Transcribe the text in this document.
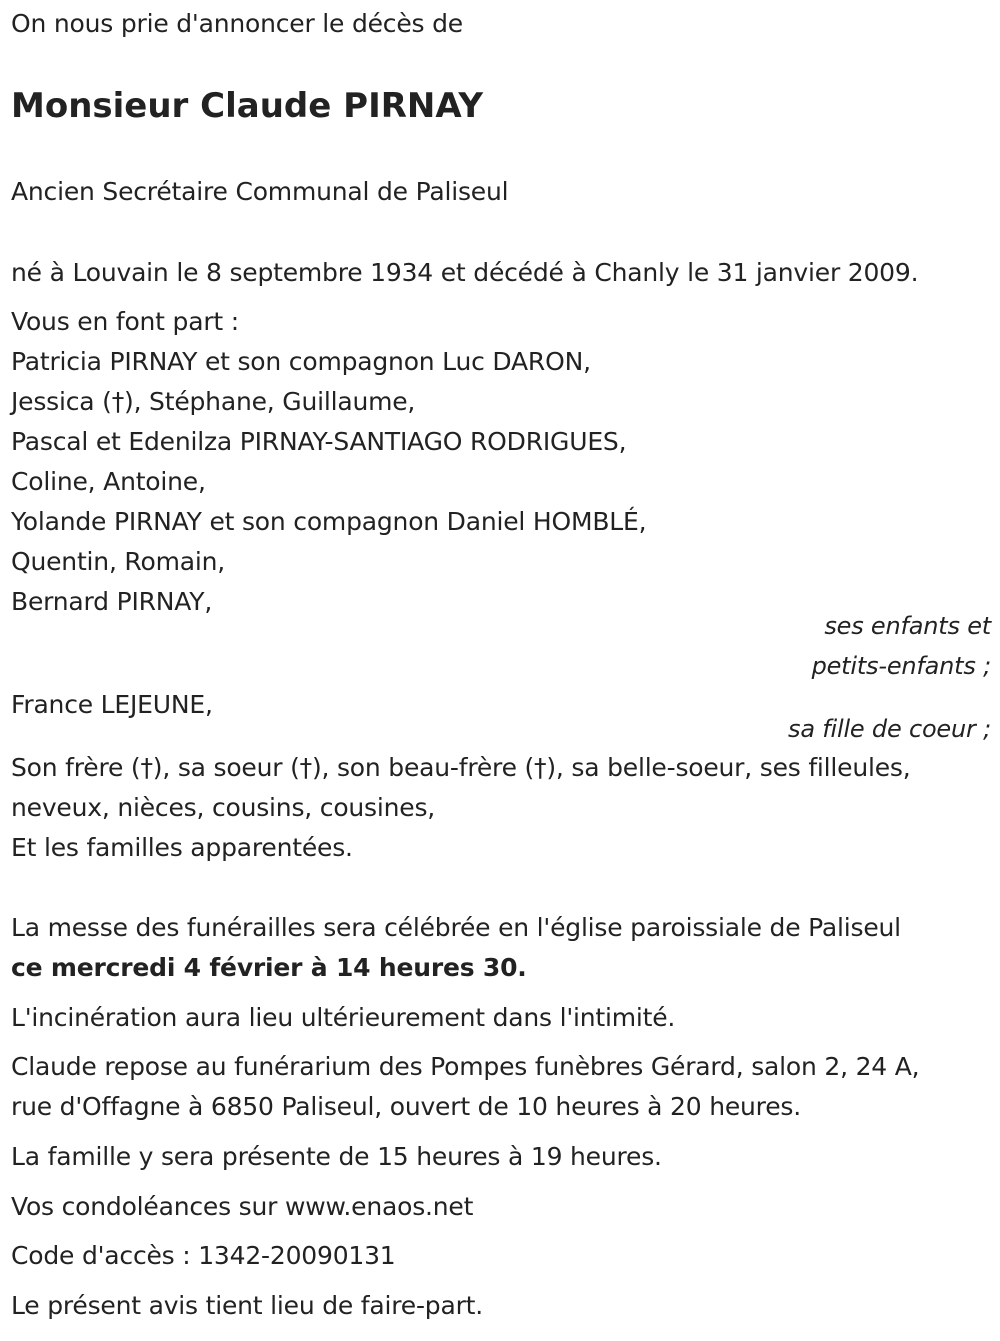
On nous prie d'annoncer le décès de
Monsieur Claude PIRNAY
Ancien Secrétaire Communal de Paliseul
né à Louvain le 8 septembre 1934 et décédé à Chanly le 31 janvier 2009.
Vous en font part :
Patricia PIRNAY et son compagnon Luc DARON,
Jessica (†), Stéphane, Guillaume,
Pascal et Edenilza PIRNAY-SANTIAGO RODRIGUES,
Coline, Antoine,
Yolande PIRNAY et son compagnon Daniel HOMBLÉ,
Quentin, Romain,
Bernard PIRNAY,
ses enfants et
petits-enfants ;
France LEJEUNE,
sa fille de coeur ;
Son frère (†), sa soeur (†), son beau-frère (†), sa belle-soeur, ses filleules,
neveux, nièces, cousins, cousines,
Et les familles apparentées.
La messe des funérailles sera célébrée en l'église paroissiale de Paliseul
ce mercredi 4 février à 14 heures 30.
L'incinération aura lieu ultérieurement dans l'intimité.
Claude repose au funérarium des Pompes funèbres Gérard, salon 2, 24 A,
rue d'Offagne à 6850 Paliseul, ouvert de 10 heures à 20 heures.
La famille y sera présente de 15 heures à 19 heures.
Vos condoléances sur www.enaos.net
Code d'accès : 1342-20090131
Le présent avis tient lieu de faire-part.
